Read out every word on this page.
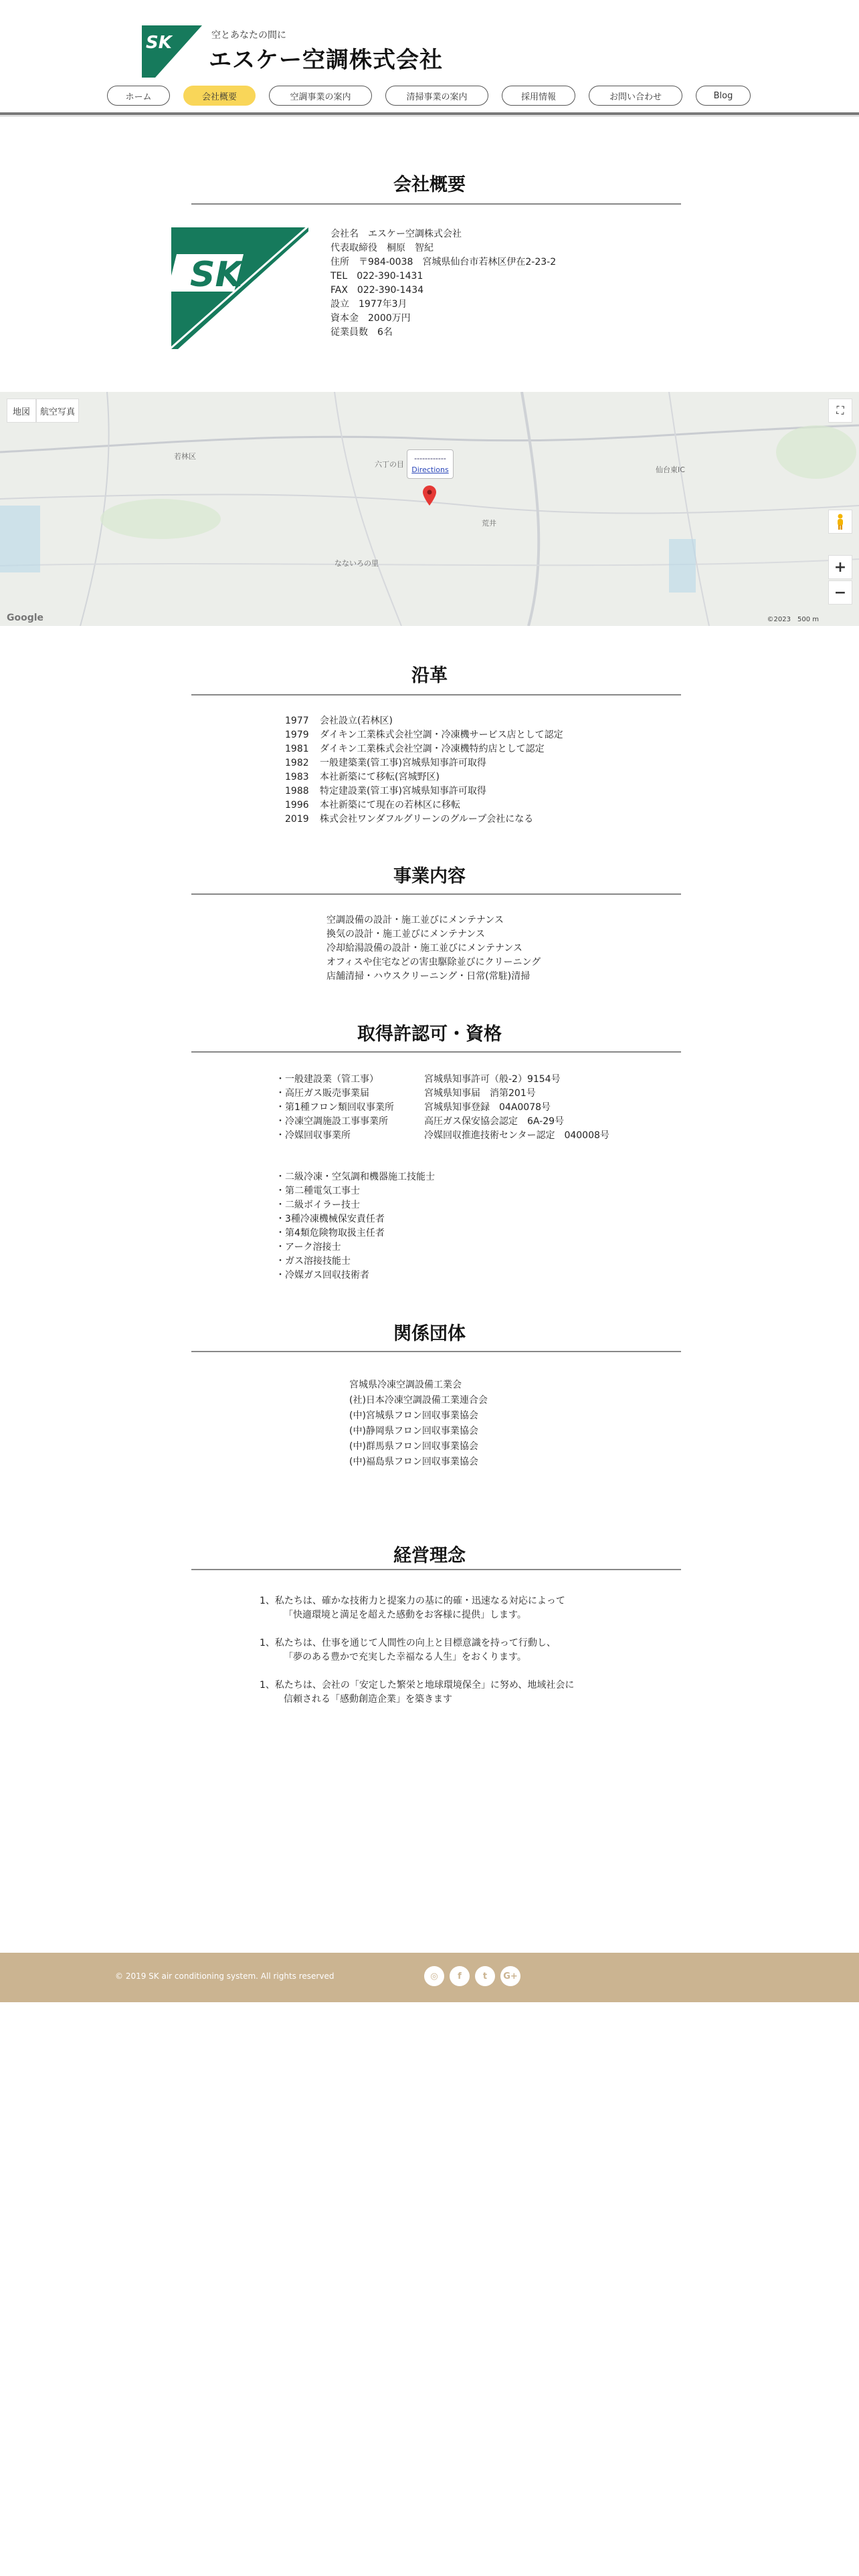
SK	空とあなたの間に
エスケー空調株式会社
ホーム	会社概要	空調事業の案内	清掃事業の案内	採用情報	お問い合わせ	Blog
会社概要
SK
会社名　エスケー空調株式会社
代表取締役　桐原　智紀
住所　〒984-0038　宮城県仙台市若林区伊在2-23-2
TEL　022-390-1431
FAX　022-390-1434
設立　1977年3月
資本金　2000万円
従業員数　6名
若林区
六丁の目
荒井
なないろの里
仙台東IC
地図	航空写真	⛶
+
−
------------
Directions
Google	©2023　500 m
沿革
1977 会社設立(若林区)
1979 ダイキン工業株式会社空調・冷凍機サービス店として認定
1981 ダイキン工業株式会社空調・冷凍機特約店として認定
1982 一般建築業(管工事)宮城県知事許可取得
1983 本社新築にて移転(宮城野区)
1988 特定建設業(管工事)宮城県知事許可取得
1996 本社新築にて現在の若林区に移転
2019 株式会社ワンダフルグリーンのグループ会社になる
事業内容
空調設備の設計・施工並びにメンテナンス
換気の設計・施工並びにメンテナンス
冷却給湯設備の設計・施工並びにメンテナンス
オフィスや住宅などの害虫駆除並びにクリーニング
店舗清掃・ハウスクリーニング・日常(常駐)清掃
取得許認可・資格
・一般建設業（管工事）	宮城県知事許可（般-2）9154号
・高圧ガス販売事業届	宮城県知事届　消第201号
・第1種フロン類回収事業所	宮城県知事登録　04A0078号
・冷凍空調施設工事事業所	高圧ガス保安協会認定　6A-29号
・冷媒回収事業所	冷媒回収推進技術センター認定　040008号
・二級冷凍・空気調和機器施工技能士
・第二種電気工事士
・二級ボイラー技士
・3種冷凍機械保安責任者
・第4類危険物取扱主任者
・アーク溶接士
・ガス溶接技能士
・冷媒ガス回収技術者
関係団体
宮城県冷凍空調設備工業会
(社)日本冷凍空調設備工業連合会
(中)宮城県フロン回収事業協会
(中)静岡県フロン回収事業協会
(中)群馬県フロン回収事業協会
(中)福島県フロン回収事業協会
経営理念
1、私たちは、確かな技術力と提案力の基に的確・迅速なる対応によって
「快適環境と満足を超えた感動をお客様に提供」します。
1、私たちは、仕事を通じて人間性の向上と目標意識を持って行動し、
「夢のある豊かで充実した幸福なる人生」をおくります。
1、私たちは、会社の「安定した繁栄と地球環境保全」に努め、地域社会に
信頼される「感動創造企業」を築きます
© 2019 SK air conditioning system. All rights reserved	◎	f	t	G+
